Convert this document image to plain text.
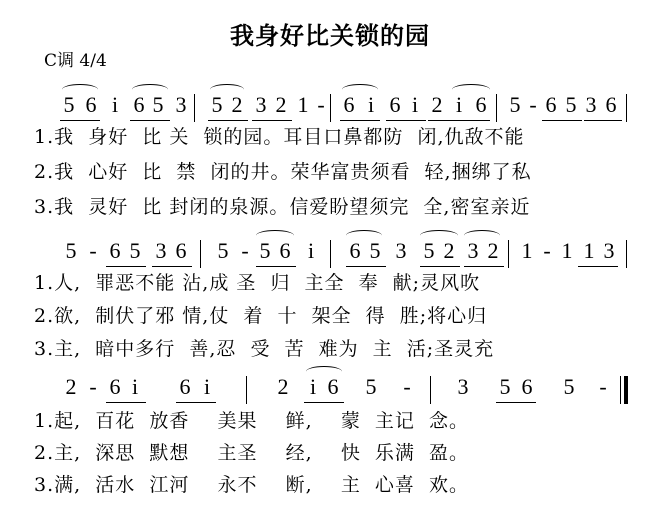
我身好比关锁的园
C调 4/4
5 6 i 6 5 3 5 2 3 2 1 - 6 i 6 i 2 i 6 5 - 6 5 3 6
1.我  身好  比 关  锁的园。耳目口鼻都防  闭,仇敌不能
2.我  心好  比  禁  闭的井。荣华富贵须看  轻,捆绑了私
3.我  灵好  比 封闭的泉源。信爱盼望须完  全,密室亲近
5 - 6 5 3 6 5 - 5 6 i	6 5 3 5 2 3 2 1 - 1 1 3
1.人,  罪恶不能 沾,成 圣  归  主全  奉  献;灵风吹
2.欲,  制伏了邪 情,仗  着  十  架全  得  胜;将心归
3.主,  暗中多行  善,忍  受  苦  难为  主  活;圣灵充
2 - 6 i	6 i	2 i 6 5	-	3 5 6 5	-
1.起,  百花  放香    美果    鲜,    蒙  主记  念。
2.主,  深思  默想    主圣    经,    快  乐满  盈。
3.满,  活水  江河    永不    断,    主  心喜  欢。
